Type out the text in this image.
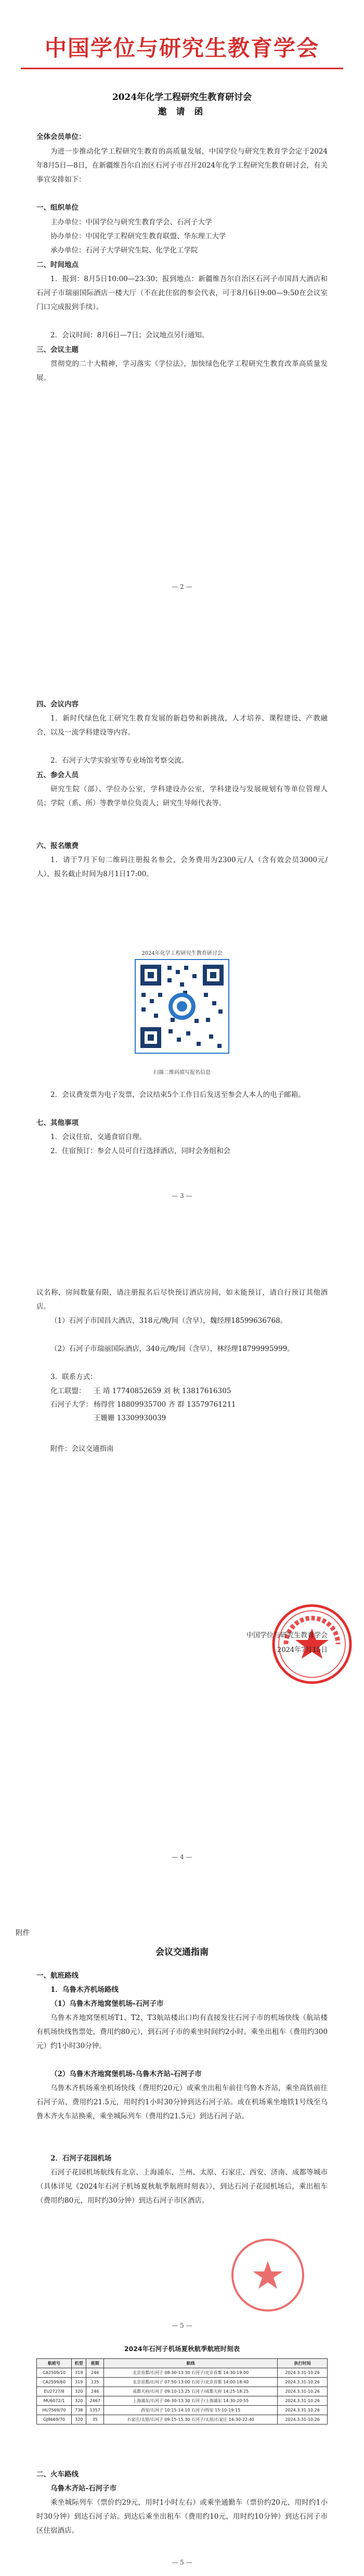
中国学位与研究生教育学会
2024年化学工程研究生教育研讨会
邀 请 函
全体会员单位：
为进一步推动化学工程研究生教育的高质量发展，中国学位与研究生教育学会定于2024年8月5日—8日，在新疆维吾尔自治区石河子市召开2024年化学工程研究生教育研讨会，有关事宜安排如下：
一、组织单位
主办单位：中国学位与研究生教育学会、石河子大学
协办单位：中国化学工程研究生教育联盟、华东理工大学
承办单位：石河子大学研究生院、化学化工学院
二、时间地点
1．报到：8月5日10:00—23:30；报到地点：新疆维吾尔自治区石河子市国昌大酒店和石河子市瑞丽国际酒店一楼大厅（不在此住宿的参会代表，可于8月6日9:00—9:50在会议室门口完成报到手续）。
2．会议时间：8月6日—7日；会议地点另行通知。
三、会议主题
贯彻党的二十大精神，学习落实《学位法》，加快绿色化学工程研究生教育改革高质量发展。
— 2 —
四、会议内容
1．新时代绿色化工研究生教育发展的新趋势和新挑战，人才培养、课程建设、产教融合，以及一流学科建设等内容。
2．石河子大学实验室等专业场馆考察交流。
五、参会人员
研究生院（部）、学位办公室，学科建设办公室，学科建设与发展规划有等单位管理人员；学院（系、所）等教学单位负责人；研究生导师代表等。
六、报名缴费
1．请于7月下旬二维码注册报名参会，会务费用为2300元/人（含有效会员3000元/人），报名截止时间为8月1日17:00。
2024年化学工程研究生教育研讨会
扫描二维码填写报名信息
2．会议费发票为电子发票，会议结束5个工作日后发送至参会人本人的电子邮箱。
七、其他事项
1．会议住宿，交通食宿自理。
2．住宿预订：参会人员可自行选择酒店，同时会务组和会
— 3 —
议名称，房间数量有限，请注册报名后尽快预订酒店房间，如未能预订，请自行预订其他酒店。
（1）石河子市国昌大酒店，318元/晚/间（含早），魏经理18599636768。
（2）石河子市瑞丽国际酒店，340元/晚/间（含早），林经理18799995999。
3．联系方式：
化工联盟：	王 靖 17740852659 刘 秋 13817616305
石河子大学： 杨得营 18809935700 齐 群 13579761211
王姗姗 13309930039
附件：会议交通指南
中国学位与研究生教育学会
2024年7月15日
— 4 —
附件
会议交通指南
一、航班路线
1．乌鲁木齐机场路线
（1）乌鲁木齐地窝堡机场-石河子市
乌鲁木齐地窝堡机场T1、T2、T3航站楼出口均有直接发往石河子市的机场快线（航站楼有机场快线售票处，费用约80元），到石河子市的乘坐时间约2小时。乘坐出租车（费用约300元）约1小时30分钟。
（2）乌鲁木齐地窝堡机场-乌鲁木齐站-石河子市
乌鲁木齐机场乘坐机场快线（费用约20元）或乘坐出租车前往乌鲁木齐站，乘坐高铁前往石河子站，费用约21.5元，用时约1小时30分钟到达石河子站。或在机场乘坐地铁1号线至乌鲁木齐火车站换乘，乘坐城际列车（费用约21.5元）到达石河子站。
2．石河子花园机场
石河子花园机场航线有北京、上海浦东、兰州、太原、石家庄、西安、济南、成都等城市（具体详见《2024年石河子机场夏秋航季航班时刻表》），到达石河子花园机场后，乘出租车（费用约80元，用时约30分钟）到达石河子市区酒店。
— 5 —
2024年石河子机场夏秋航季航班时刻表
航班号	机型	班期	航线	执行时间
CA2509/10	319	246	北京首都/石河子 08:30-13:30 石河子/北京首都 14:30-19:00	2024.3.31-10.26
CA2599/60	319	135	北京首都/石河子 07:50-13:00 石河子/北京首都 14:00-18:40	2024.3.31-10.26
EU2727/8	320	246	成都天府/石河子 09:10-13:25 石河子/成都天府 14:25-18:25	2024.3.31-10.26
MU6072/1	320	2467	上海浦东/石河子 06:30-13:30 石河子/上海浦东 14:30-20:55	2024.3.31-10.26
HU7569/70	738	1357	西安/石河子 10:15-14:10 石河子/西安 15:10-19:15	2024.3.31-10.26
GJ8669/70	320	35	石家庄/太原/石河子 09:15-15:30 石河子/太原/石家庄 16:30-22:40	2024.3.31-10.26
二、火车路线
乌鲁木齐站-石河子市
乘坐城际列车（票价约29元，用时1小时左右）或乘坐通勤车（票价约20元，用时约1小时30分钟）到达石河子站。到达后乘坐出租车（费用约10元，用时约10分钟）到达石河子市区住宿酒店。
— 5 —
